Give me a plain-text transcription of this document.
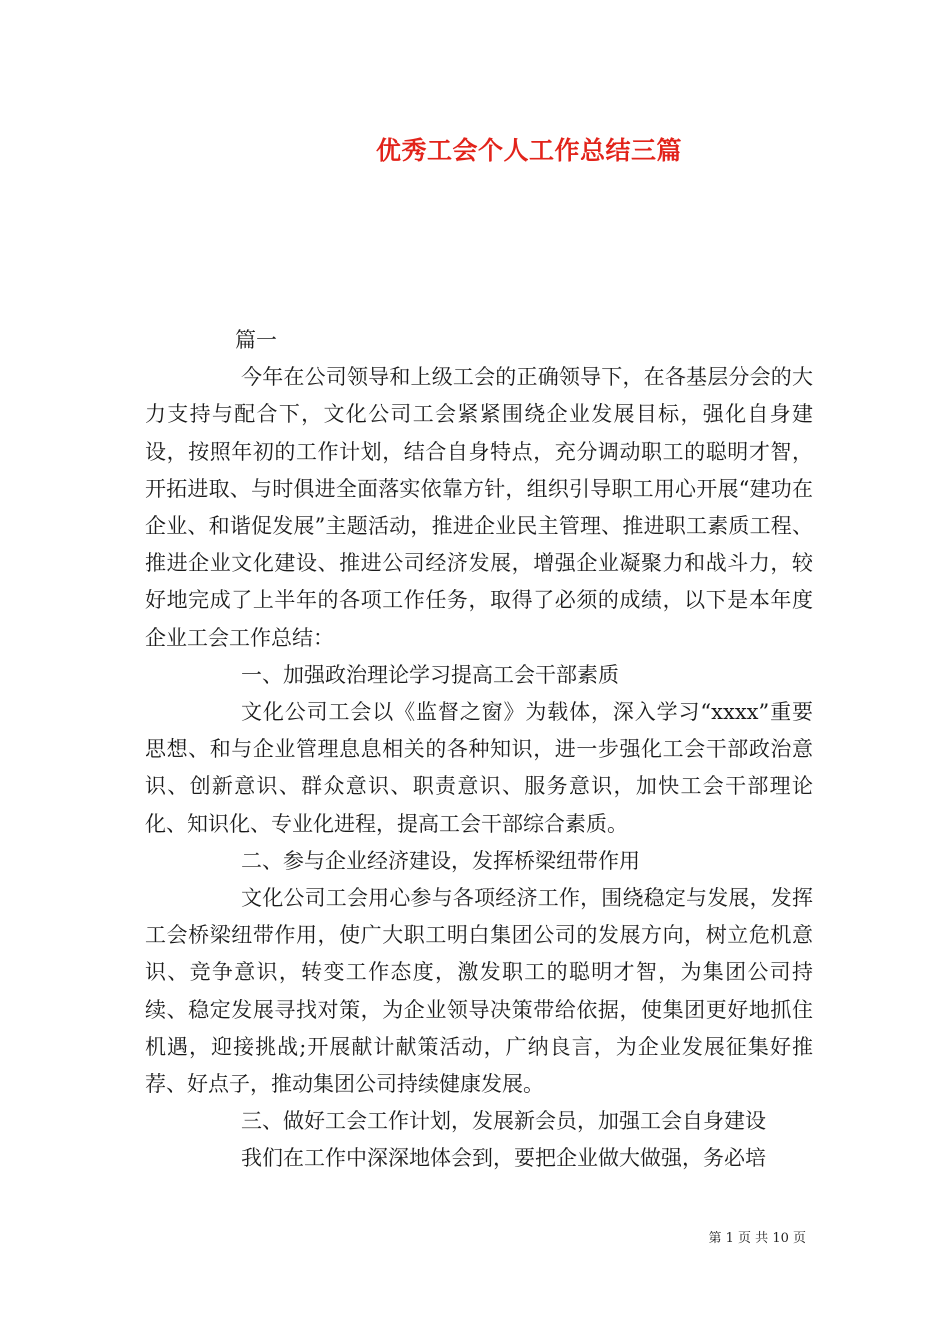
优秀工会个人工作总结三篇

篇一

今年在公司领导和上级工会的正确领导下，在各基层分会的大力支持与配合下，文化公司工会紧紧围绕企业发展目标，强化自身建设，按照年初的工作计划，结合自身特点，充分调动职工的聪明才智，开拓进取、与时俱进全面落实依靠方针，组织引导职工用心开展“建功在企业、和谐促发展”主题活动，推进企业民主管理、推进职工素质工程、推进企业文化建设、推进公司经济发展，增强企业凝聚力和战斗力，较好地完成了上半年的各项工作任务，取得了必须的成绩，以下是本年度企业工会工作总结：

一、加强政治理论学习提高工会干部素质

文化公司工会以《监督之窗》为载体，深入学习“xxxx”重要思想、和与企业管理息息相关的各种知识，进一步强化工会干部政治意识、创新意识、群众意识、职责意识、服务意识，加快工会干部理论化、知识化、专业化进程，提高工会干部综合素质。

二、参与企业经济建设，发挥桥梁纽带作用

文化公司工会用心参与各项经济工作，围绕稳定与发展，发挥工会桥梁纽带作用，使广大职工明白集团公司的发展方向，树立危机意识、竞争意识，转变工作态度，激发职工的聪明才智，为集团公司持续、稳定发展寻找对策，为企业领导决策带给依据，使集团更好地抓住机遇，迎接挑战;开展献计献策活动，广纳良言，为企业发展征集好推荐、好点子，推动集团公司持续健康发展。

三、做好工会工作计划，发展新会员，加强工会自身建设

我们在工作中深深地体会到，要把企业做大做强，务必培

第 1 页 共 10 页
